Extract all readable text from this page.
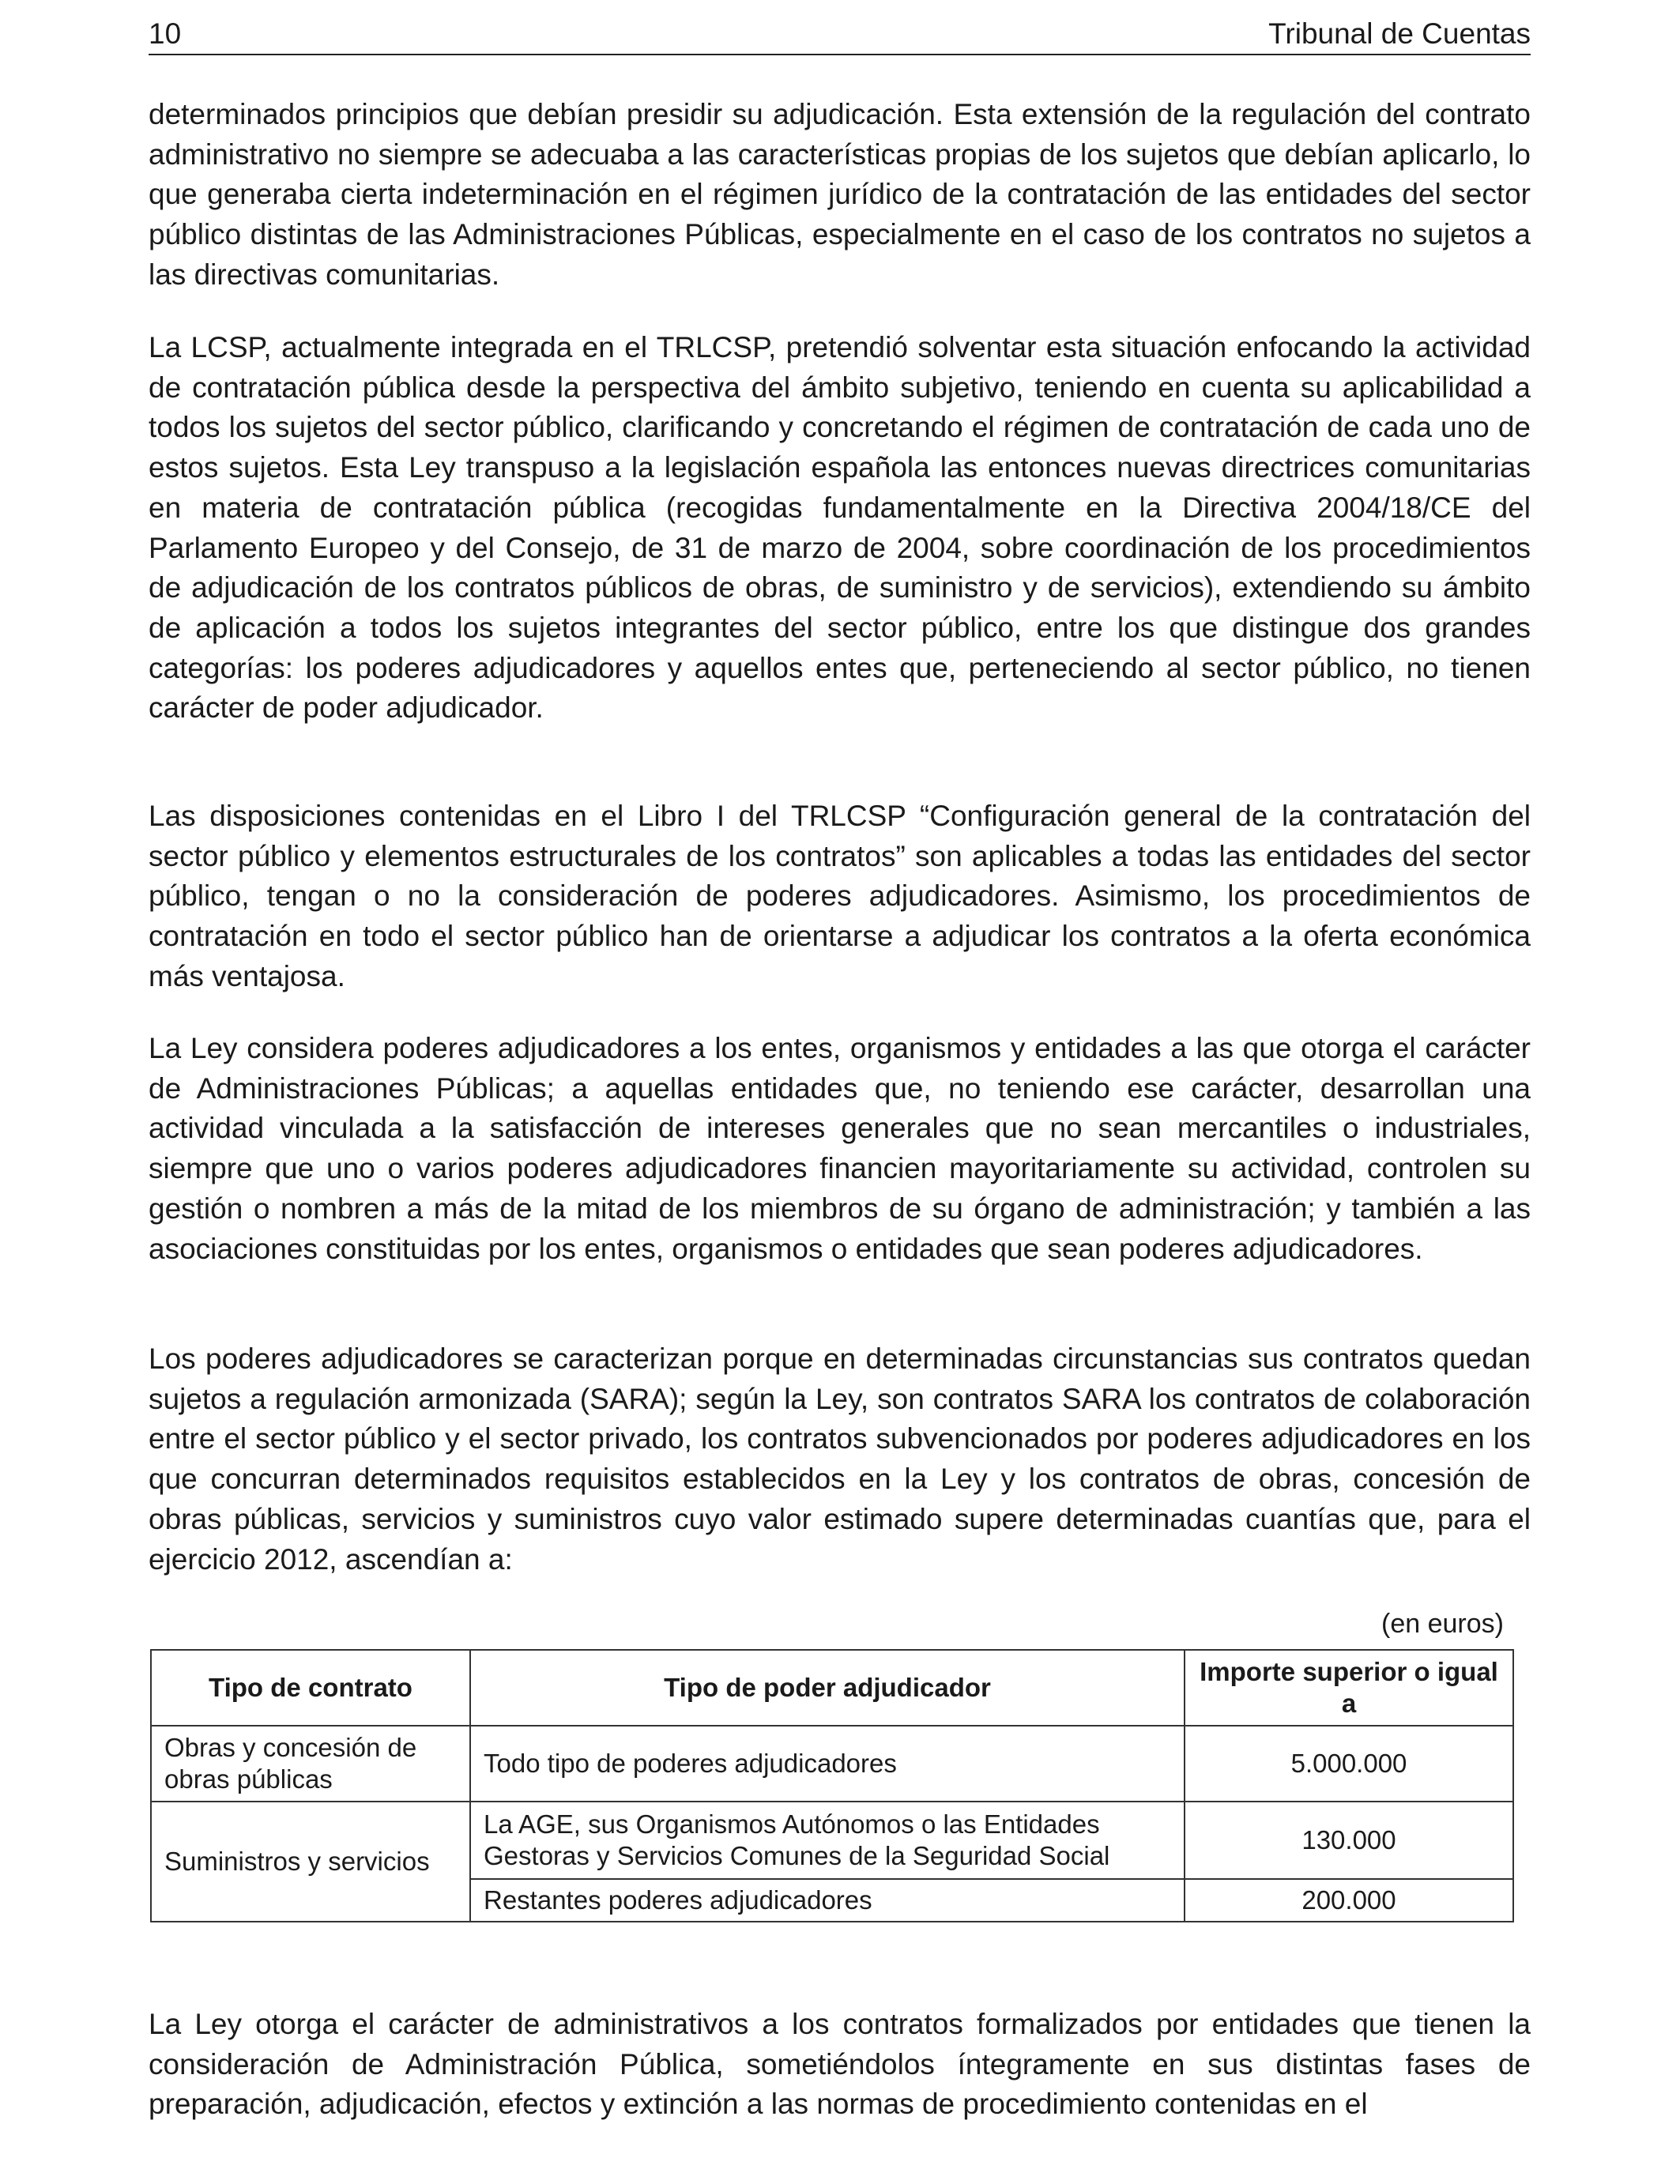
10	Tribunal de Cuentas

determinados principios que debían presidir su adjudicación. Esta extensión de la regulación del contrato administrativo no siempre se adecuaba a las características propias de los sujetos que debían aplicarlo, lo que generaba cierta indeterminación en el régimen jurídico de la contratación de las entidades del sector público distintas de las Administraciones Públicas, especialmente en el caso de los contratos no sujetos a las directivas comunitarias.

La LCSP, actualmente integrada en el TRLCSP, pretendió solventar esta situación enfocando la actividad de contratación pública desde la perspectiva del ámbito subjetivo, teniendo en cuenta su aplicabilidad a todos los sujetos del sector público, clarificando y concretando el régimen de contratación de cada uno de estos sujetos. Esta Ley transpuso a la legislación española las entonces nuevas directrices comunitarias en materia de contratación pública (recogidas fundamentalmente en la Directiva 2004/18/CE del Parlamento Europeo y del Consejo, de 31 de marzo de 2004, sobre coordinación de los procedimientos de adjudicación de los contratos públicos de obras, de suministro y de servicios), extendiendo su ámbito de aplicación a todos los sujetos integrantes del sector público, entre los que distingue dos grandes categorías: los poderes adjudicadores y aquellos entes que, perteneciendo al sector público, no tienen carácter de poder adjudicador.

Las disposiciones contenidas en el Libro I del TRLCSP “Configuración general de la contratación del sector público y elementos estructurales de los contratos” son aplicables a todas las entidades del sector público, tengan o no la consideración de poderes adjudicadores. Asimismo, los procedimientos de contratación en todo el sector público han de orientarse a adjudicar los contratos a la oferta económica más ventajosa.

La Ley considera poderes adjudicadores a los entes, organismos y entidades a las que otorga el carácter de Administraciones Públicas; a aquellas entidades que, no teniendo ese carácter, desarrollan una actividad vinculada a la satisfacción de intereses generales que no sean mercantiles o industriales, siempre que uno o varios poderes adjudicadores financien mayoritariamente su actividad, controlen su gestión o nombren a más de la mitad de los miembros de su órgano de administración; y también a las asociaciones constituidas por los entes, organismos o entidades que sean poderes adjudicadores.

Los poderes adjudicadores se caracterizan porque en determinadas circunstancias sus contratos quedan sujetos a regulación armonizada (SARA); según la Ley, son contratos SARA los contratos de colaboración entre el sector público y el sector privado, los contratos subvencionados por poderes adjudicadores en los que concurran determinados requisitos establecidos en la Ley y los contratos de obras, concesión de obras públicas, servicios y suministros cuyo valor estimado supere determinadas cuantías que, para el ejercicio 2012, ascendían a:

(en euros)
Tipo de contrato	Tipo de poder adjudicador	Importe superior o igual a
Obras y concesión de obras públicas	Todo tipo de poderes adjudicadores	5.000.000
Suministros y servicios	La AGE, sus Organismos Autónomos o las Entidades Gestoras y Servicios Comunes de la Seguridad Social	130.000
	Restantes poderes adjudicadores	200.000

La Ley otorga el carácter de administrativos a los contratos formalizados por entidades que tienen la consideración de Administración Pública, sometiéndolos íntegramente en sus distintas fases de preparación, adjudicación, efectos y extinción a las normas de procedimiento contenidas en el
